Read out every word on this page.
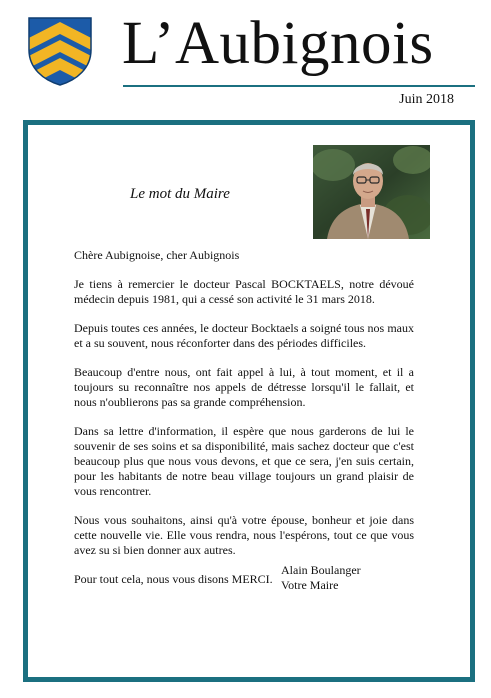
L’Aubignois
Juin 2018
Le mot du Maire

Chère Aubignoise, cher Aubignois

Je tiens à remercier le docteur Pascal BOCKTAELS, notre dévoué médecin depuis 1981, qui a cessé son activité le 31 mars 2018.

Depuis toutes ces années, le docteur Bocktaels a soigné tous nos maux et a su souvent, nous réconforter dans des périodes difficiles.

Beaucoup d'entre nous, ont fait appel à lui, à tout moment, et il a toujours su reconnaître nos appels de détresse lorsqu'il le fallait, et nous n'oublierons pas sa grande compréhension.

Dans sa lettre d'information, il espère que nous garderons de lui le souvenir de ses soins et sa disponibilité, mais sachez docteur que c'est beaucoup plus que nous vous devons, et que ce sera, j'en suis certain, pour les habitants de notre beau village toujours un grand plaisir de vous rencontrer.

Nous vous souhaitons, ainsi qu'à votre épouse, bonheur et joie dans cette nouvelle vie. Elle vous rendra, nous l'espérons, tout ce que vous avez su si bien donner aux autres.

Pour tout cela, nous vous disons MERCI.

Alain Boulanger
Votre Maire
